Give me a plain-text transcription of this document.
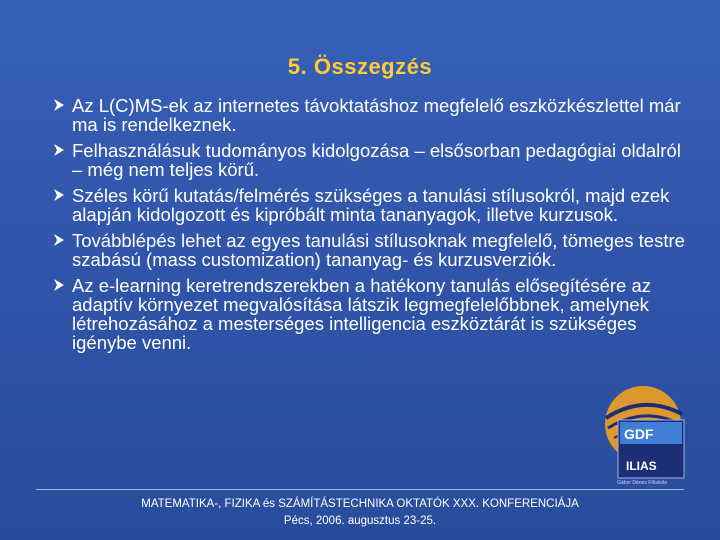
5. Összegzés
Az L(C)MS-ek az internetes távoktatáshoz megfelelő eszközkészlettel már ma is rendelkeznek.
Felhasználásuk tudományos kidolgozása – elsősorban pedagógiai oldalról – még nem teljes körű.
Széles körű kutatás/felmérés szükséges a tanulási stílusokról, majd ezek alapján kidolgozott és kipróbált minta tananyagok, illetve kurzusok.
Továbblépés lehet az egyes tanulási stílusoknak megfelelő, tömeges testre szabású (mass customization) tananyag- és kurzusverziók.
Az e-learning keretrendszerekben a hatékony tanulás elősegítésére az adaptív környezet megvalósítása látszik legmegfelelőbbnek, amelynek létrehozásához a mesterséges intelligencia eszköztárát is szükséges igénybe venni.
GDF
ILIAS
Gábor Dénes Főiskola
MATEMATIKA-, FIZIKA és SZÁMÍTÁSTECHNIKA OKTATÓK XXX. KONFERENCIÁJA
Pécs, 2006. augusztus 23-25.
